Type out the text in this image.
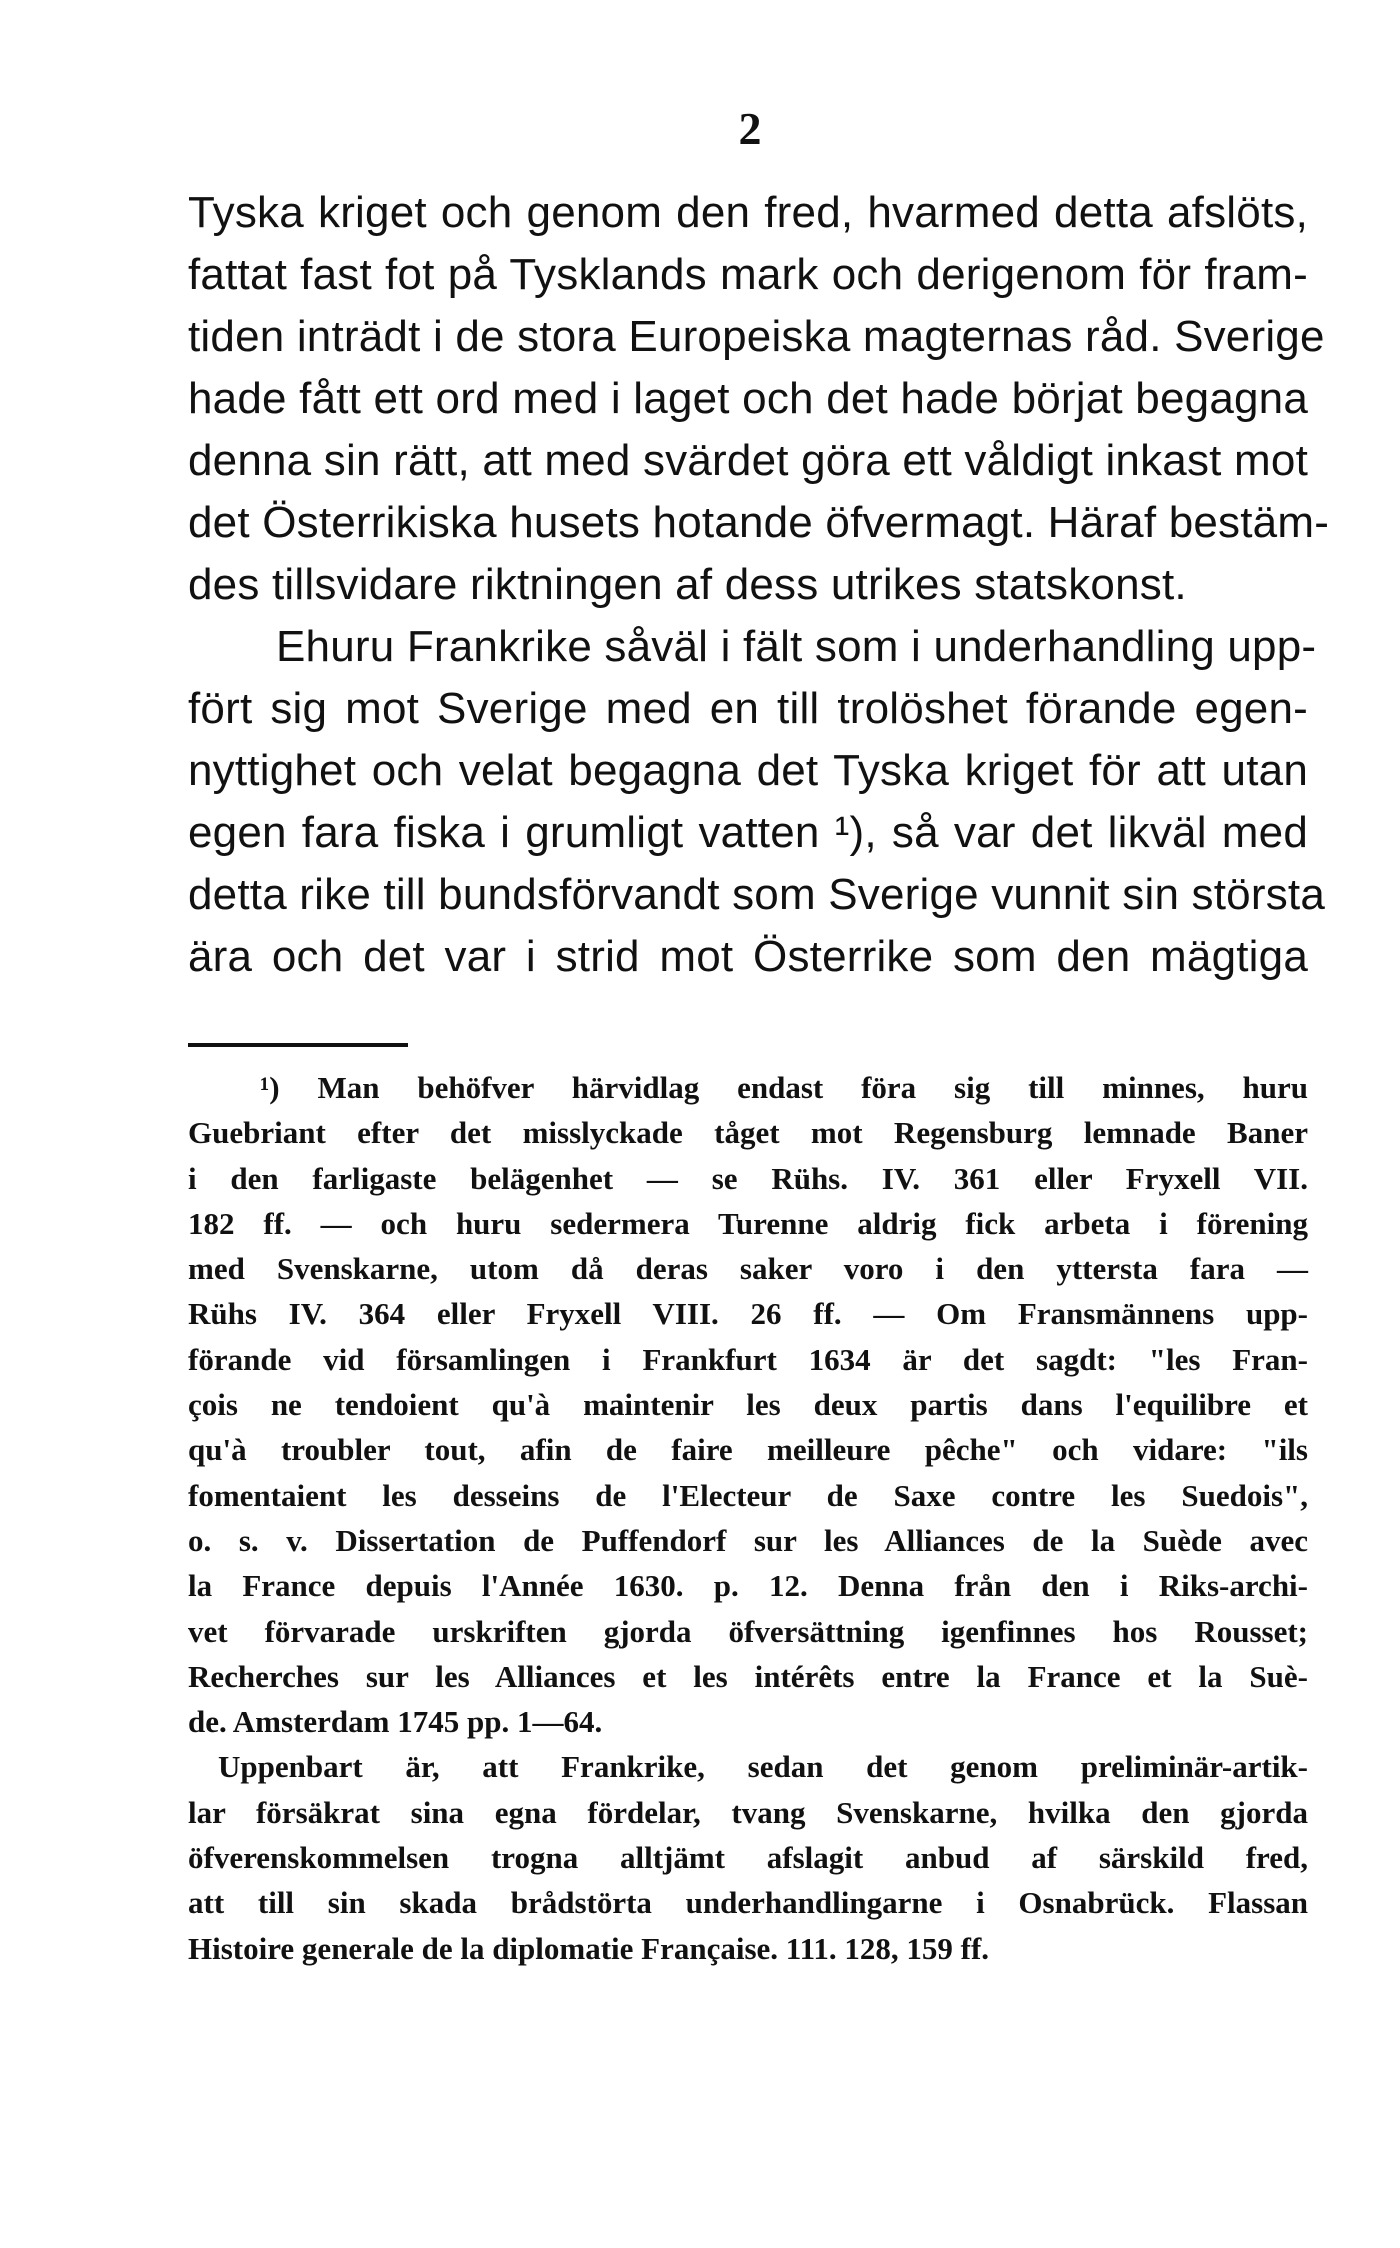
2
Tyska kriget och genom den fred, hvarmed detta afslöts,
fattat fast fot på Tysklands mark och derigenom för fram-
tiden inträdt i de stora Europeiska magternas råd. Sverige
hade fått ett ord med i laget och det hade börjat begagna
denna sin rätt, att med svärdet göra ett våldigt inkast mot
det Österrikiska husets hotande öfvermagt. Häraf bestäm-
des tillsvidare riktningen af dess utrikes statskonst.
Ehuru Frankrike såväl i fält som i underhandling upp-
fört sig mot Sverige med en till trolöshet förande egen-
nyttighet och velat begagna det Tyska kriget för att utan
egen fara fiska i grumligt vatten ¹), så var det likväl med
detta rike till bundsförvandt som Sverige vunnit sin största
ära och det var i strid mot Österrike som den mägtiga
¹) Man behöfver härvidlag endast föra sig till minnes, huru
Guebriant efter det misslyckade tåget mot Regensburg lemnade Baner
i den farligaste belägenhet — se Rühs. IV. 361 eller Fryxell VII.
182 ff. — och huru sedermera Turenne aldrig fick arbeta i förening
med Svenskarne, utom då deras saker voro i den yttersta fara —
Rühs IV. 364 eller Fryxell VIII. 26 ff. — Om Fransmännens upp-
förande vid församlingen i Frankfurt 1634 är det sagdt: "les Fran-
çois ne tendoient qu'à maintenir les deux partis dans l'equilibre et
qu'à troubler tout, afin de faire meilleure pêche" och vidare: "ils
fomentaient les desseins de l'Electeur de Saxe contre les Suedois",
o. s. v. Dissertation de Puffendorf sur les Alliances de la Suède avec
la France depuis l'Année 1630. p. 12. Denna från den i Riks-archi-
vet förvarade urskriften gjorda öfversättning igenfinnes hos Rousset;
Recherches sur les Alliances et les intérêts entre la France et la Suè-
de. Amsterdam 1745 pp. 1—64.
Uppenbart är, att Frankrike, sedan det genom preliminär-artik-
lar försäkrat sina egna fördelar, tvang Svenskarne, hvilka den gjorda
öfverenskommelsen trogna alltjämt afslagit anbud af särskild fred,
att till sin skada brådstörta underhandlingarne i Osnabrück. Flassan
Histoire generale de la diplomatie Française. 111. 128, 159 ff.
